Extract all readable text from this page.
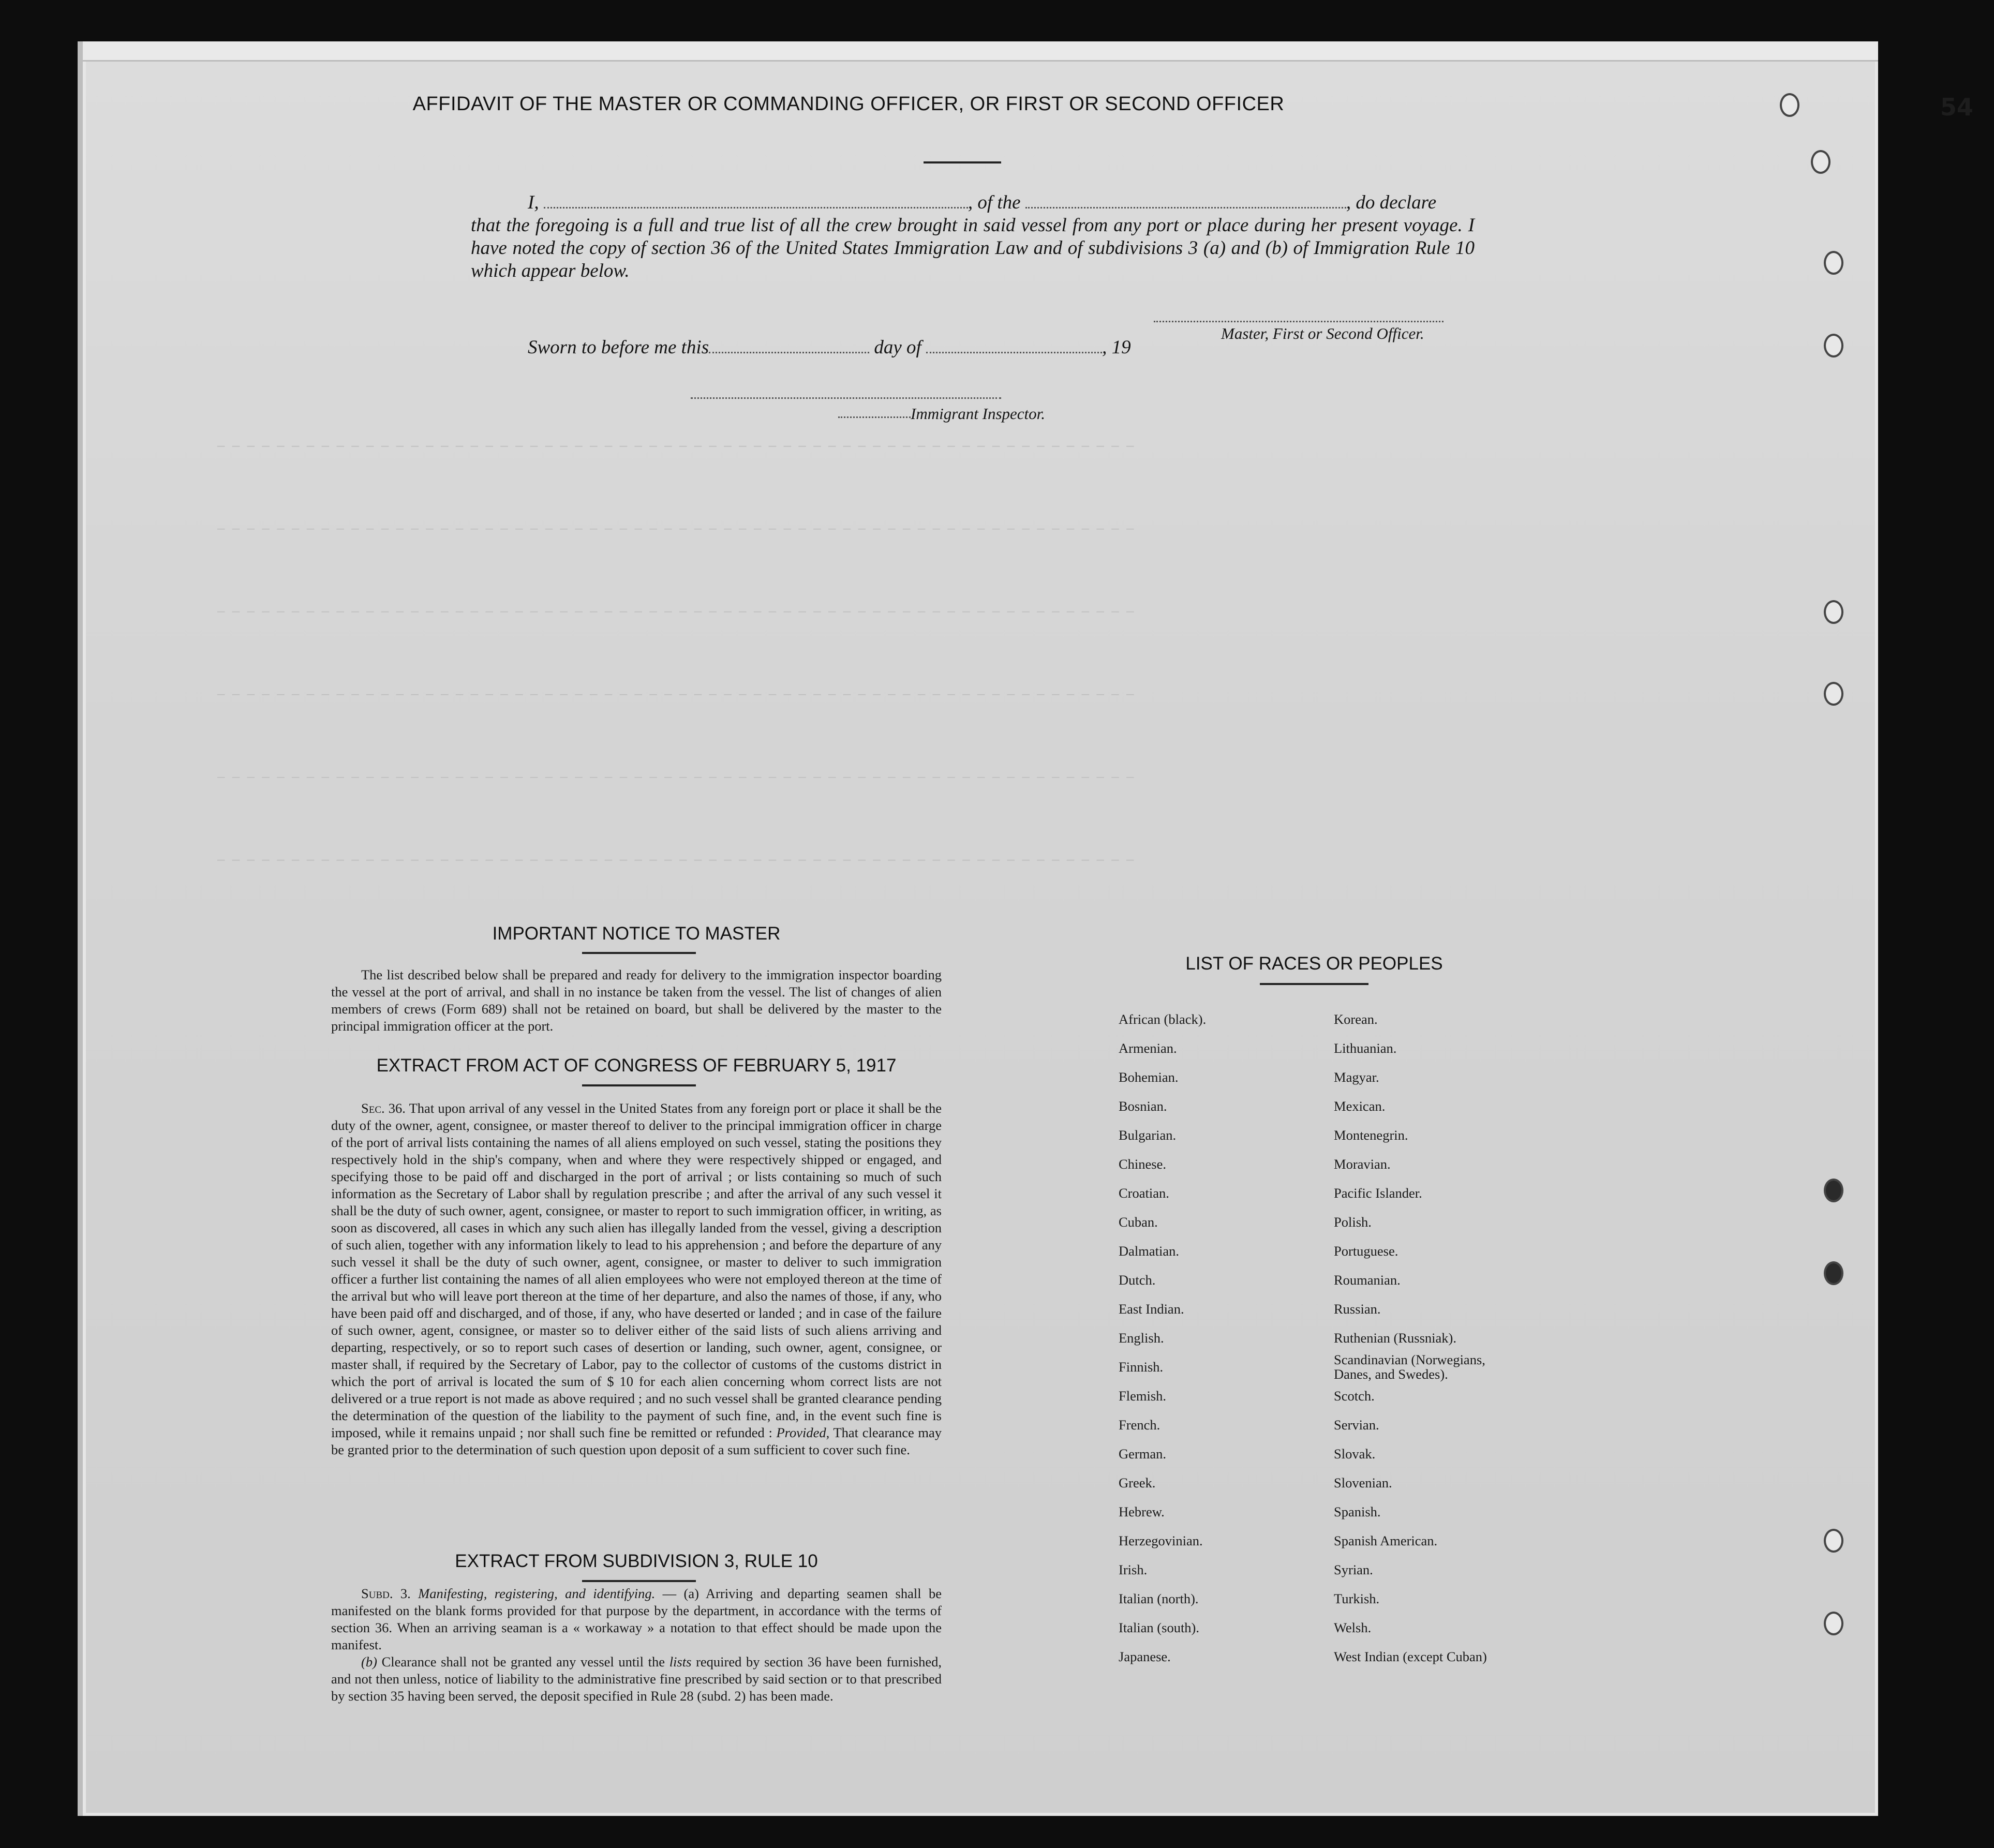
54
— — — — — — — — — — — — — — — — — — — — — — — — — — — — — — — — — — — — — — — — — — — — — — — — — — — — — — — — — — — — — —
— — — — — — — — — — — — — — — — — — — — — — — — — — — — — — — — — — — — — — — — — — — — — — — — — — — — — — — — — — — — — —
— — — — — — — — — — — — — — — — — — — — — — — — — — — — — — — — — — — — — — — — — — — — — — — — — — — — — — — — — — — — — —
— — — — — — — — — — — — — — — — — — — — — — — — — — — — — — — — — — — — — — — — — — — — — — — — — — — — — — — — — — — — — —
— — — — — — — — — — — — — — — — — — — — — — — — — — — — — — — — — — — — — — — — — — — — — — — — — — — — — — — — — — — — — —
— — — — — — — — — — — — — — — — — — — — — — — — — — — — — — — — — — — — — — — — — — — — — — — — — — — — — — — — — — — — — —
AFFIDAVIT OF THE MASTER OR COMMANDING OFFICER, OR FIRST OR SECOND OFFICER

I,	, of the	, do declare

that the foregoing is a full and true list of all the crew brought in said vessel from any port or place during her present voyage. I have noted the copy of section 36 of the United States Immigration Law and of subdivisions 3 (a) and (b) of Immigration Rule 10 which appear below.

Master, First or Second Officer.
Sworn to before me this	day of	, 19
Immigrant Inspector.
IMPORTANT NOTICE TO MASTER

The list described below shall be prepared and ready for delivery to the immigration inspector boarding the vessel at the port of arrival, and shall in no instance be taken from the vessel. The list of changes of alien members of crews (Form 689) shall not be retained on board, but shall be delivered by the master to the principal immigration officer at the port.

EXTRACT FROM ACT OF CONGRESS OF FEBRUARY 5, 1917

Sec. 36. That upon arrival of any vessel in the United States from any foreign port or place it shall be the duty of the owner, agent, consignee, or master thereof to deliver to the principal immigration officer in charge of the port of arrival lists containing the names of all aliens employed on such vessel, stating the positions they respectively hold in the ship's company, when and where they were respectively shipped or engaged, and specifying those to be paid off and discharged in the port of arrival ; or lists containing so much of such information as the Secretary of Labor shall by regulation prescribe ; and after the arrival of any such vessel it shall be the duty of such owner, agent, consignee, or master to report to such immigration officer, in writing, as soon as discovered, all cases in which any such alien has illegally landed from the vessel, giving a description of such alien, together with any information likely to lead to his apprehension ; and before the departure of any such vessel it shall be the duty of such owner, agent, consignee, or master to deliver to such immigration officer a further list containing the names of all alien employees who were not employed thereon at the time of the arrival but who will leave port thereon at the time of her departure, and also the names of those, if any, who have been paid off and discharged, and of those, if any, who have deserted or landed ; and in case of the failure of such owner, agent, consignee, or master so to deliver either of the said lists of such aliens arriving and departing, respectively, or so to report such cases of desertion or landing, such owner, agent, consignee, or master shall, if required by the Secretary of Labor, pay to the collector of customs of the customs district in which the port of arrival is located the sum of $ 10 for each alien concerning whom correct lists are not delivered or a true report is not made as above required ; and no such vessel shall be granted clearance pending the determination of the question of the liability to the payment of such fine, and, in the event such fine is imposed, while it remains unpaid ; nor shall such fine be remitted or refunded : Provided, That clearance may be granted prior to the determination of such question upon deposit of a sum sufficient to cover such fine.

EXTRACT FROM SUBDIVISION 3, RULE 10

Subd. 3. Manifesting, registering, and identifying. — (a) Arriving and departing seamen shall be manifested on the blank forms provided for that purpose by the department, in accordance with the terms of section 36. When an arriving seaman is a « workaway » a notation to that effect should be made upon the manifest.

(b) Clearance shall not be granted any vessel until the lists required by section 36 have been furnished, and not then unless, notice of liability to the administrative fine prescribed by said section or to that prescribed by section 35 having been served, the deposit specified in Rule 28 (subd. 2) has been made.

LIST OF RACES OR PEOPLES
African (black).
Armenian.
Bohemian.
Bosnian.
Bulgarian.
Chinese.
Croatian.
Cuban.
Dalmatian.
Dutch.
East Indian.
English.
Finnish.
Flemish.
French.
German.
Greek.
Hebrew.
Herzegovinian.
Irish.
Italian (north).
Italian (south).
Japanese.
Korean.
Lithuanian.
Magyar.
Mexican.
Montenegrin.
Moravian.
Pacific Islander.
Polish.
Portuguese.
Roumanian.
Russian.
Ruthenian (Russniak).
Scandinavian (Norwegians, Danes, and Swedes).
Scotch.
Servian.
Slovak.
Slovenian.
Spanish.
Spanish American.
Syrian.
Turkish.
Welsh.
West Indian (except Cuban)
